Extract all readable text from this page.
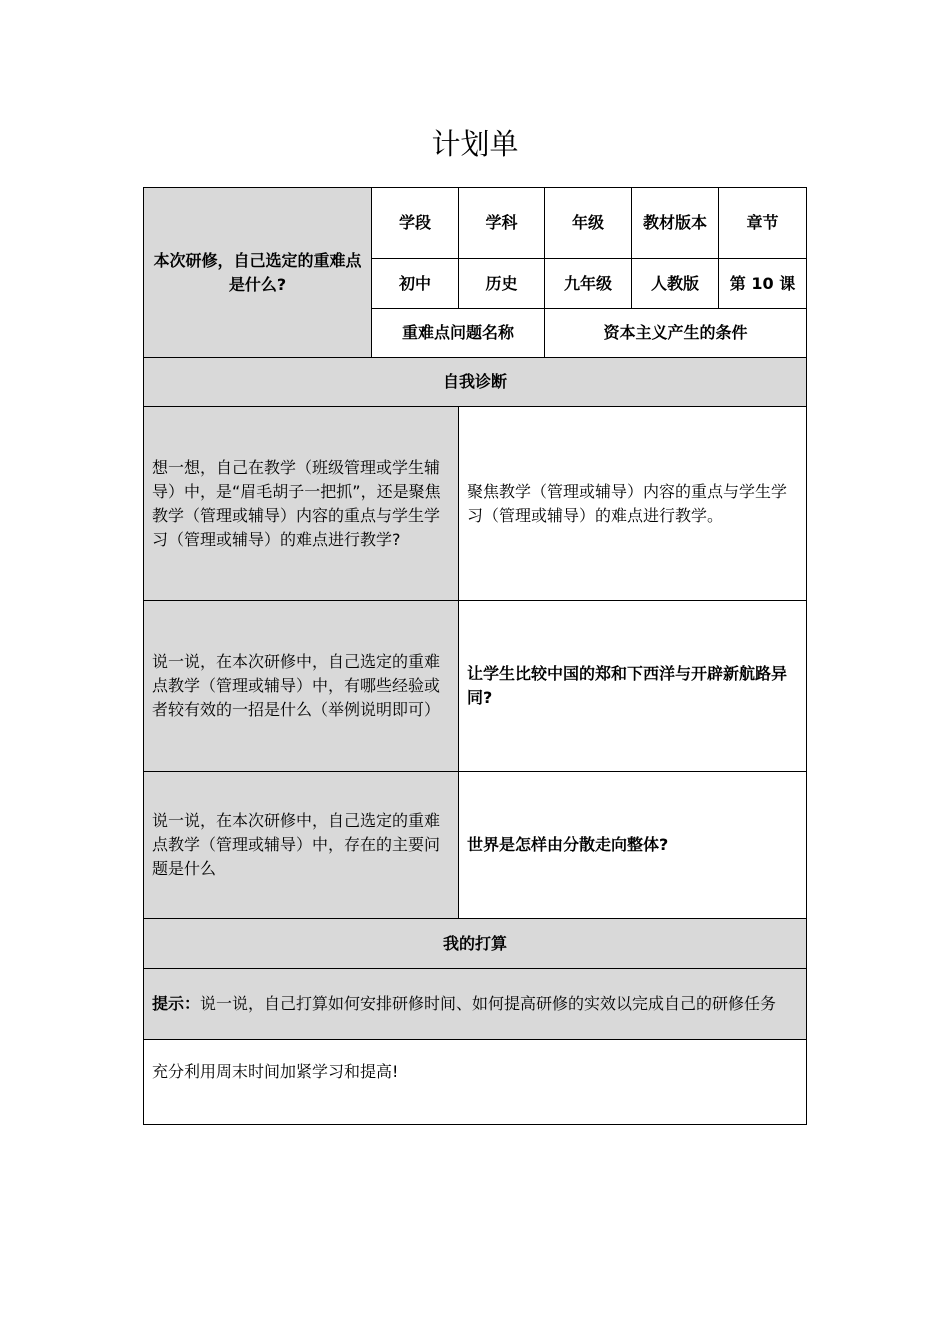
计划单
本次研修，自己选定的重难点是什么?	学段	学科	年级	教材版本	章节
	初中	历史	九年级	人教版	第 10 课
	重难点问题名称		资本主义产生的条件		
自我诊断					
想一想，自己在教学（班级管理或学生辅导）中，是“眉毛胡子一把抓”，还是聚焦教学（管理或辅导）内容的重点与学生学习（管理或辅导）的难点进行教学?		聚焦教学（管理或辅导）内容的重点与学生学习（管理或辅导）的难点进行教学。			
说一说，在本次研修中，自己选定的重难点教学（管理或辅导）中，有哪些经验或者较有效的一招是什么（举例说明即可）		让学生比较中国的郑和下西洋与开辟新航路异同?			
说一说，在本次研修中，自己选定的重难点教学（管理或辅导）中，存在的主要问题是什么		世界是怎样由分散走向整体?			
我的打算					
提示：说一说，自己打算如何安排研修时间、如何提高研修的实效以完成自己的研修任务					
充分利用周末时间加紧学习和提高!					
